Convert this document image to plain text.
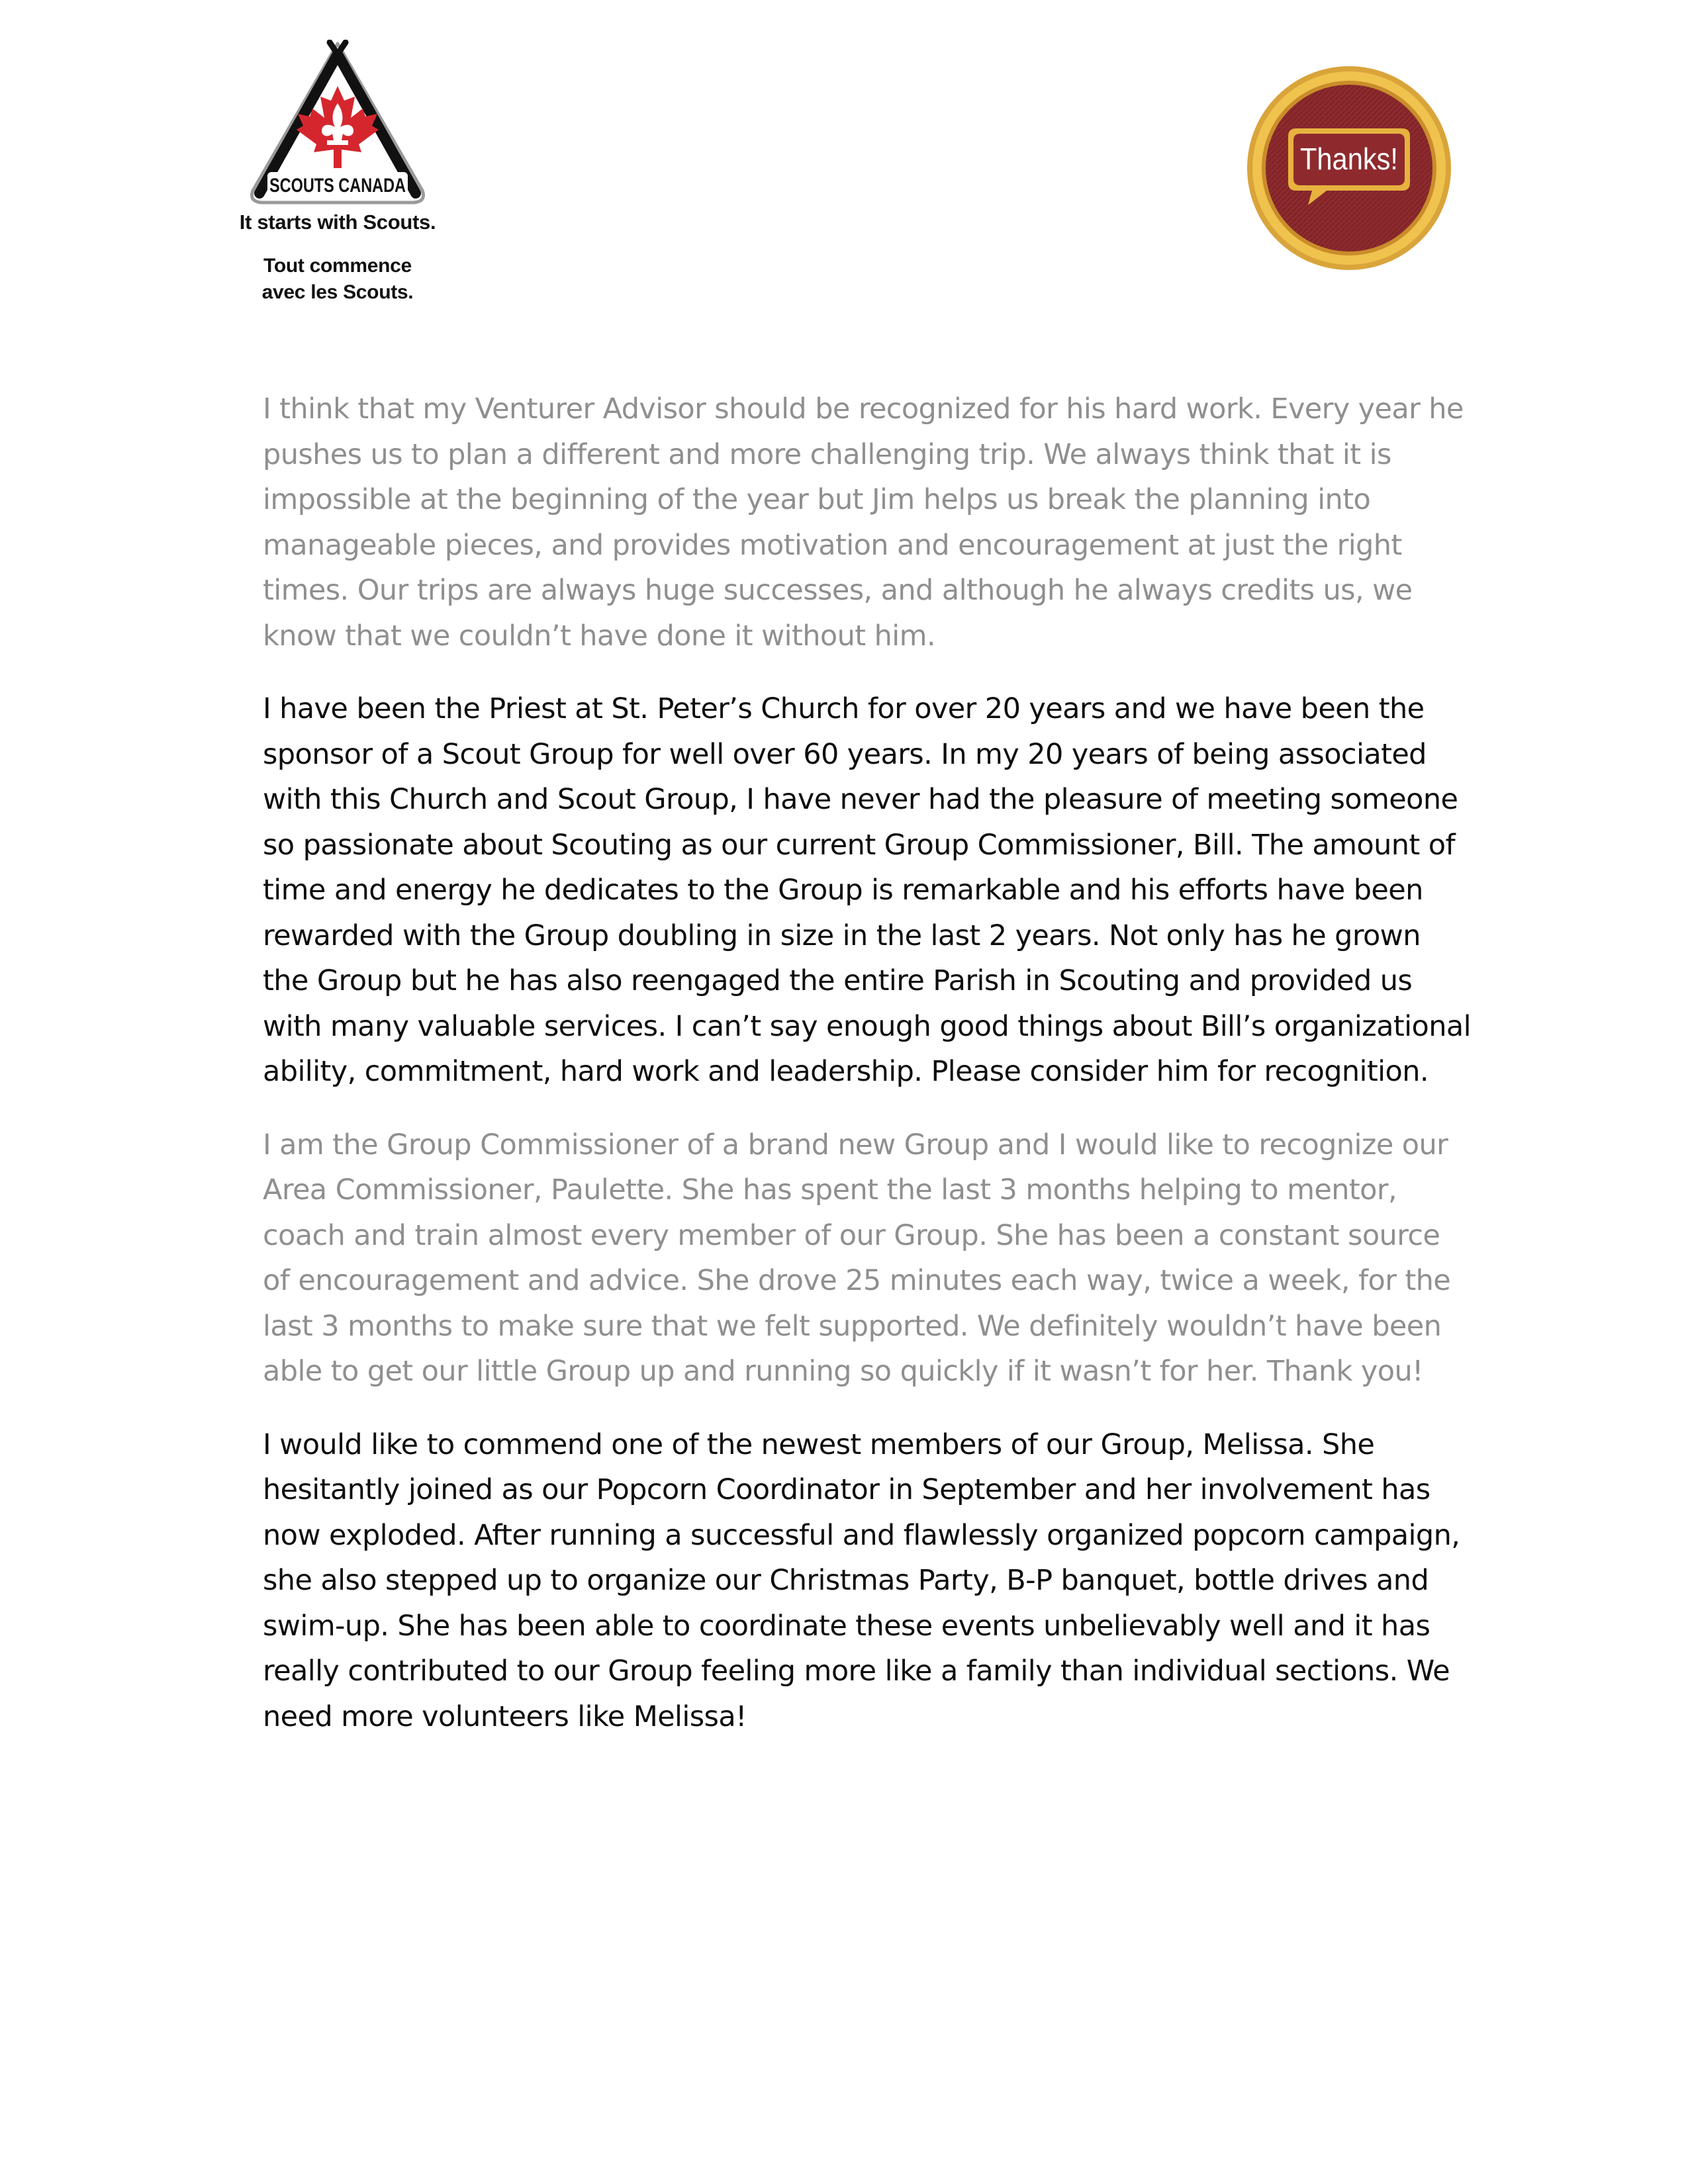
SCOUTS CANADA
It starts with Scouts.
Tout commence
avec les Scouts.
Thanks!

I think that my Venturer Advisor should be recognized for his hard work. Every year he
pushes us to plan a different and more challenging trip. We always think that it is
impossible at the beginning of the year but Jim helps us break the planning into
manageable pieces, and provides motivation and encouragement at just the right
times. Our trips are always huge successes, and although he always credits us, we
know that we couldn’t have done it without him.

I have been the Priest at St. Peter’s Church for over 20 years and we have been the
sponsor of a Scout Group for well over 60 years. In my 20 years of being associated
with this Church and Scout Group, I have never had the pleasure of meeting someone
so passionate about Scouting as our current Group Commissioner, Bill. The amount of
time and energy he dedicates to the Group is remarkable and his efforts have been
rewarded with the Group doubling in size in the last 2 years. Not only has he grown
the Group but he has also reengaged the entire Parish in Scouting and provided us
with many valuable services. I can’t say enough good things about Bill’s organizational
ability, commitment, hard work and leadership. Please consider him for recognition.

I am the Group Commissioner of a brand new Group and I would like to recognize our
Area Commissioner, Paulette. She has spent the last 3 months helping to mentor,
coach and train almost every member of our Group. She has been a constant source
of encouragement and advice. She drove 25 minutes each way, twice a week, for the
last 3 months to make sure that we felt supported. We definitely wouldn’t have been
able to get our little Group up and running so quickly if it wasn’t for her. Thank you!

I would like to commend one of the newest members of our Group, Melissa. She
hesitantly joined as our Popcorn Coordinator in September and her involvement has
now exploded. After running a successful and flawlessly organized popcorn campaign,
she also stepped up to organize our Christmas Party, B-P banquet, bottle drives and
swim-up. She has been able to coordinate these events unbelievably well and it has
really contributed to our Group feeling more like a family than individual sections. We
need more volunteers like Melissa!
